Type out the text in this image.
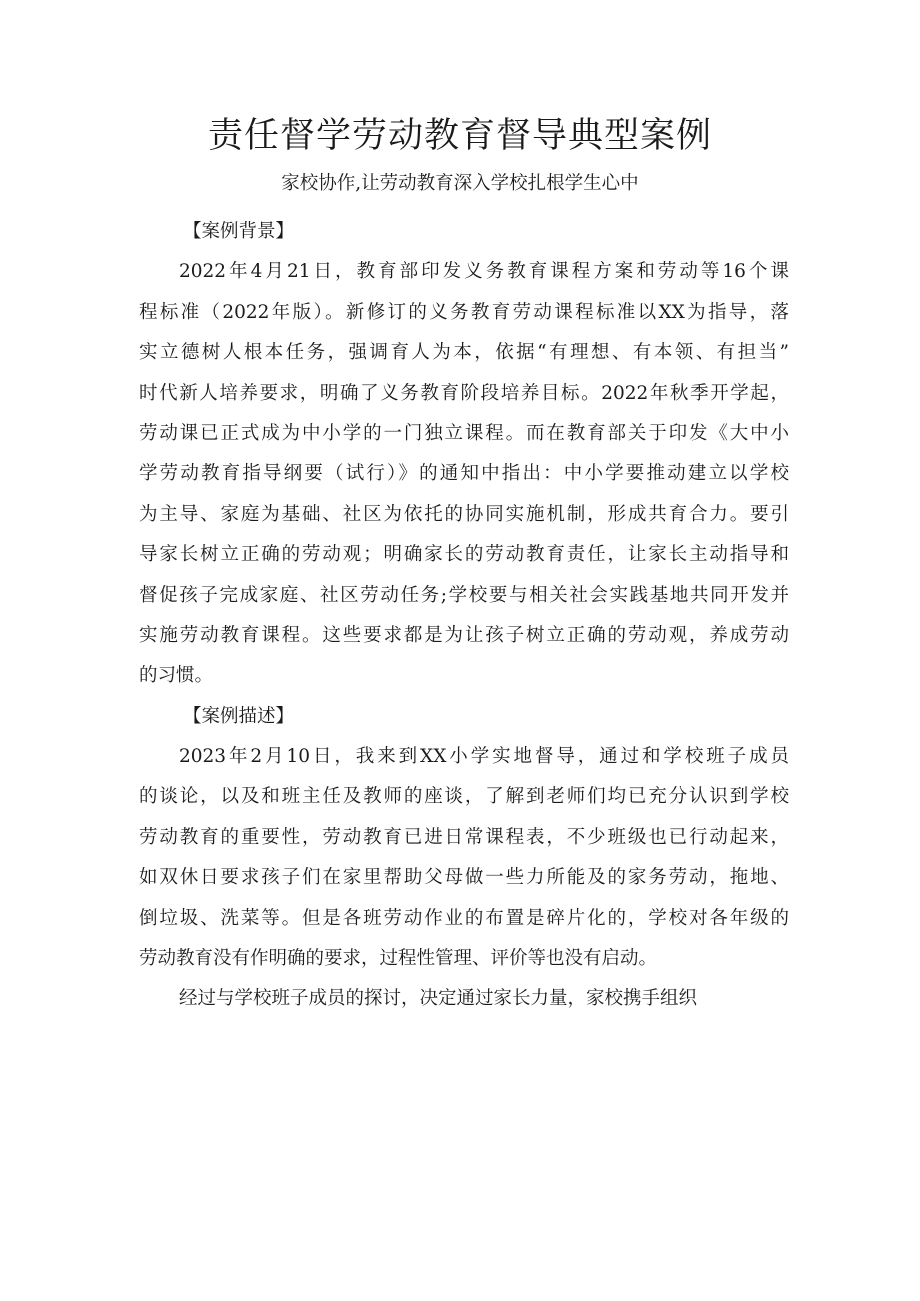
责任督学劳动教育督导典型案例
家校协作,让劳动教育深入学校扎根学生心中
【案例背景】
2022年4月21日，教育部印发义务教育课程方案和劳动等16个课
程标准（2022年版）。新修订的义务教育劳动课程标准以XX为指导，落
实立德树人根本任务，强调育人为本，依据“有理想、有本领、有担当”
时代新人培养要求，明确了义务教育阶段培养目标。2022年秋季开学起，
劳动课已正式成为中小学的一门独立课程。而在教育部关于印发《大中小
学劳动教育指导纲要（试行）》的通知中指出：中小学要推动建立以学校
为主导、家庭为基础、社区为依托的协同实施机制，形成共育合力。要引
导家长树立正确的劳动观；明确家长的劳动教育责任，让家长主动指导和
督促孩子完成家庭、社区劳动任务;学校要与相关社会实践基地共同开发并
实施劳动教育课程。这些要求都是为让孩子树立正确的劳动观，养成劳动
的习惯。
【案例描述】
2023年2月10日，我来到XX小学实地督导，通过和学校班子成员
的谈论，以及和班主任及教师的座谈，了解到老师们均已充分认识到学校
劳动教育的重要性，劳动教育已进日常课程表，不少班级也已行动起来，
如双休日要求孩子们在家里帮助父母做一些力所能及的家务劳动，拖地、
倒垃圾、洗菜等。但是各班劳动作业的布置是碎片化的，学校对各年级的
劳动教育没有作明确的要求，过程性管理、评价等也没有启动。
经过与学校班子成员的探讨，决定通过家长力量，家校携手组织
